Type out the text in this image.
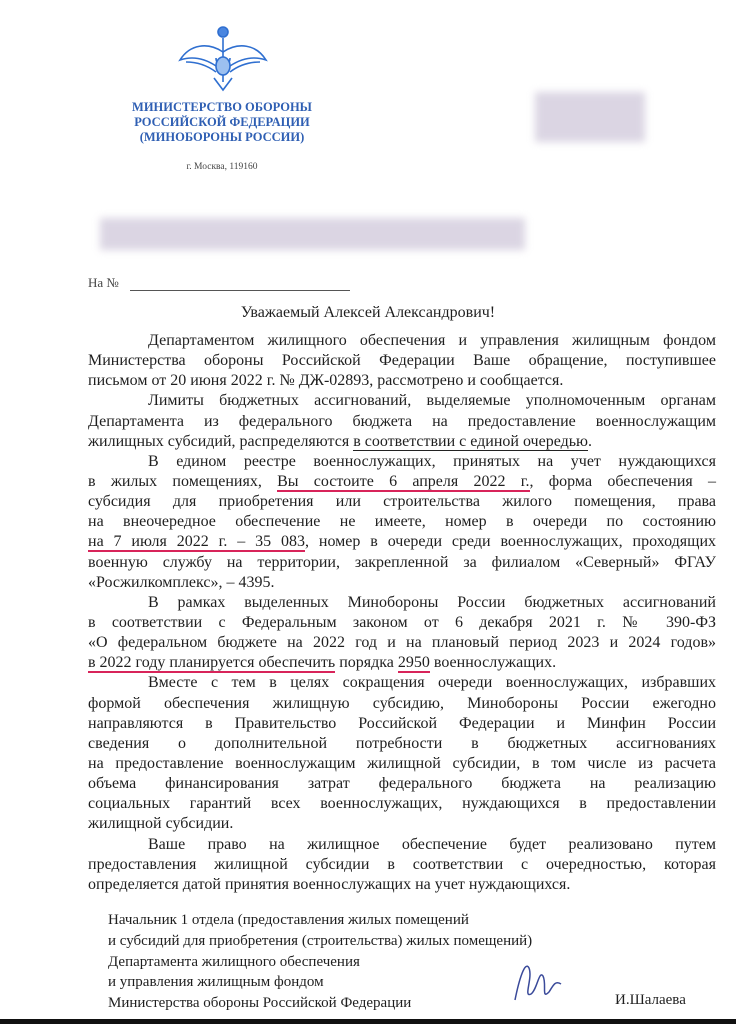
МИНИСТЕРСТВО ОБОРОНЫ
РОССИЙСКОЙ ФЕДЕРАЦИИ
(МИНОБОРОНЫ РОССИИ)
г. Москва, 119160
На №
Уважаемый Алексей Александрович!
Департаментом жилищного обеспечения и управления жилищным фондом
Министерства обороны Российской Федерации Ваше обращение, поступившее
письмом от 20 июня 2022 г. № ДЖ-02893, рассмотрено и сообщается.
Лимиты бюджетных ассигнований, выделяемые уполномоченным органам
Департамента из федерального бюджета на предоставление военнослужащим
жилищных субсидий, распределяются в соответствии с единой очередью.
В едином реестре военнослужащих, принятых на учет нуждающихся
в жилых помещениях, Вы состоите 6 апреля 2022 г., форма обеспечения –
субсидия для приобретения или строительства жилого помещения, права
на внеочередное обеспечение не имеете, номер в очереди по состоянию
на 7 июля 2022 г. – 35 083, номер в очереди среди военнослужащих, проходящих
военную службу на территории, закрепленной за филиалом «Северный» ФГАУ
«Росжилкомплекс», – 4395.
В рамках выделенных Минобороны России бюджетных ассигнований
в соответствии с Федеральным законом от 6 декабря 2021 г. № 390-ФЗ
«О федеральном бюджете на 2022 год и на плановый период 2023 и 2024 годов»
в 2022 году планируется обеспечить порядка 2950 военнослужащих.
Вместе с тем в целях сокращения очереди военнослужащих, избравших
формой обеспечения жилищную субсидию, Минобороны России ежегодно
направляются в Правительство Российской Федерации и Минфин России
сведения о дополнительной потребности в бюджетных ассигнованиях
на предоставление военнослужащим жилищной субсидии, в том числе из расчета
объема финансирования затрат федерального бюджета на реализацию
социальных гарантий всех военнослужащих, нуждающихся в предоставлении
жилищной субсидии.
Ваше право на жилищное обеспечение будет реализовано путем
предоставления жилищной субсидии в соответствии с очередностью, которая
определяется датой принятия военнослужащих на учет нуждающихся.
Начальник 1 отдела (предоставления жилых помещений
и субсидий для приобретения (строительства) жилых помещений)
Департамента жилищного обеспечения
и управления жилищным фондом
Министерства обороны Российской Федерации	И.Шалаева
